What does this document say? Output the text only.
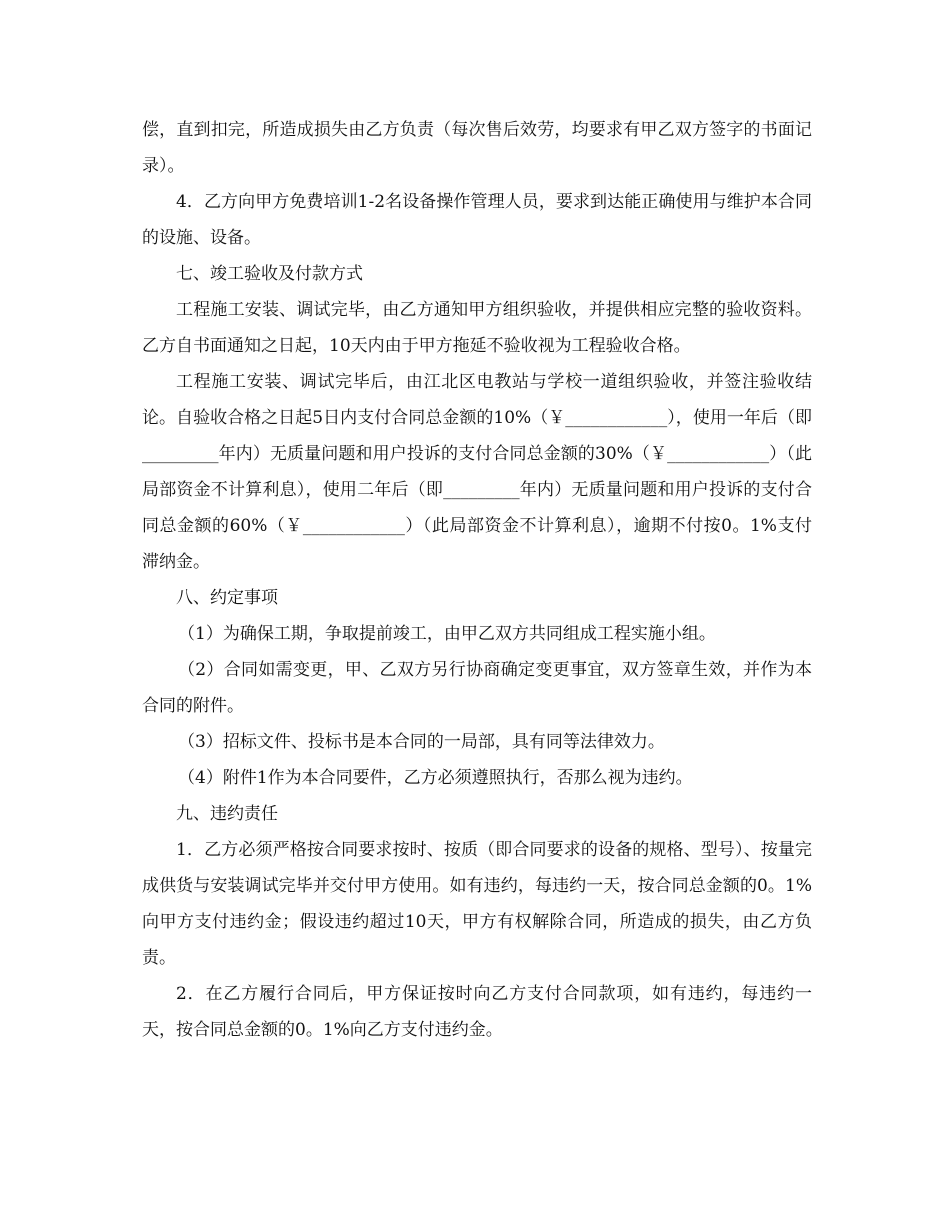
偿，直到扣完，所造成损失由乙方负责（每次售后效劳，均要求有甲乙双方签字的书面记录）。

4．乙方向甲方免费培训1-2名设备操作管理人员，要求到达能正确使用与维护本合同的设施、设备。

七、竣工验收及付款方式

工程施工安装、调试完毕，由乙方通知甲方组织验收，并提供相应完整的验收资料。乙方自书面通知之日起，10天内由于甲方拖延不验收视为工程验收合格。

工程施工安装、调试完毕后，由江北区电教站与学校一道组织验收，并签注验收结论。自验收合格之日起5日内支付合同总金额的10%（￥____________），使用一年后（即_________年内）无质量问题和用户投诉的支付合同总金额的30%（￥____________）（此局部资金不计算利息），使用二年后（即_________年内）无质量问题和用户投诉的支付合同总金额的60%（￥____________）（此局部资金不计算利息），逾期不付按0。1%支付滞纳金。

八、约定事项

（1）为确保工期，争取提前竣工，由甲乙双方共同组成工程实施小组。

（2）合同如需变更，甲、乙双方另行协商确定变更事宜，双方签章生效，并作为本合同的附件。

（3）招标文件、投标书是本合同的一局部，具有同等法律效力。

（4）附件1作为本合同要件，乙方必须遵照执行，否那么视为违约。

九、违约责任

1．乙方必须严格按合同要求按时、按质（即合同要求的设备的规格、型号）、按量完成供货与安装调试完毕并交付甲方使用。如有违约，每违约一天，按合同总金额的0。1%向甲方支付违约金；假设违约超过10天，甲方有权解除合同，所造成的损失，由乙方负责。

2．在乙方履行合同后，甲方保证按时向乙方支付合同款项，如有违约，每违约一天，按合同总金额的0。1%向乙方支付违约金。
